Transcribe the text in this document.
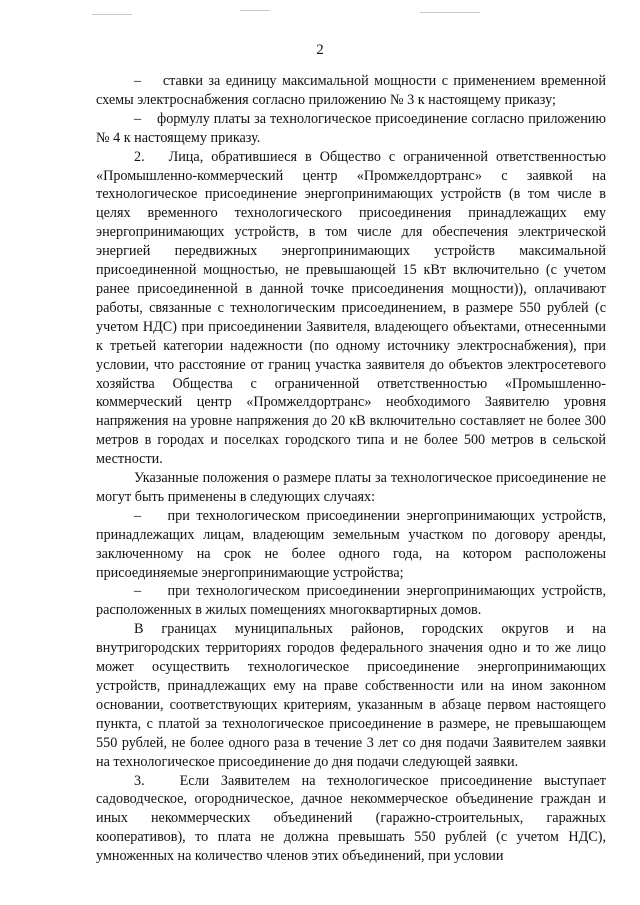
2

–    ставки за единицу максимальной мощности с применением временной схемы электроснабжения согласно приложению № 3 к настоящему приказу;

–    формулу платы за технологическое присоединение согласно приложению № 4 к настоящему приказу.

2.   Лица, обратившиеся в Общество с ограниченной ответственностью «Промышленно-коммерческий центр «Промжелдортранс» с заявкой на технологическое присоединение энергопринимающих устройств (в том числе в целях временного технологического присоединения принадлежащих ему энергопринимающих устройств, в том числе для обеспечения электрической энергией передвижных энергопринимающих устройств максимальной присоединенной мощностью, не превышающей 15 кВт включительно (с учетом ранее присоединенной в данной точке присоединения мощности)), оплачивают работы, связанные с технологическим присоединением, в размере 550 рублей (с учетом НДС) при присоединении Заявителя, владеющего объектами, отнесенными к третьей категории надежности (по одному источнику электроснабжения), при условии, что расстояние от границ участка заявителя до объектов электросетевого хозяйства Общества с ограниченной ответственностью «Промышленно-коммерческий центр «Промжелдортранс» необходимого Заявителю уровня напряжения на уровне напряжения до 20 кВ включительно составляет не более 300 метров в городах и поселках городского типа и не более 500 метров в сельской местности.

Указанные положения о размере платы за технологическое присоединение не могут быть применены в следующих случаях:

–    при технологическом присоединении энергопринимающих устройств, принадлежащих лицам, владеющим земельным участком по договору аренды, заключенному на срок не более одного года, на котором расположены присоединяемые энергопринимающие устройства;

–    при технологическом присоединении энергопринимающих устройств, расположенных в жилых помещениях многоквартирных домов.

В границах муниципальных районов, городских округов и на внутригородских территориях городов федерального значения одно и то же лицо может осуществить технологическое присоединение энергопринимающих устройств, принадлежащих ему на праве собственности или на ином законном основании, соответствующих критериям, указанным в абзаце первом настоящего пункта, с платой за технологическое присоединение в размере, не превышающем 550 рублей, не более одного раза в течение 3 лет со дня подачи Заявителем заявки на технологическое присоединение до дня подачи следующей заявки.

3.   Если Заявителем на технологическое присоединение выступает садоводческое, огородническое, дачное некоммерческое объединение граждан и иных некоммерческих объединений (гаражно-строительных, гаражных кооперативов), то плата не должна превышать 550 рублей (с учетом НДС), умноженных на количество членов этих объединений, при условии
